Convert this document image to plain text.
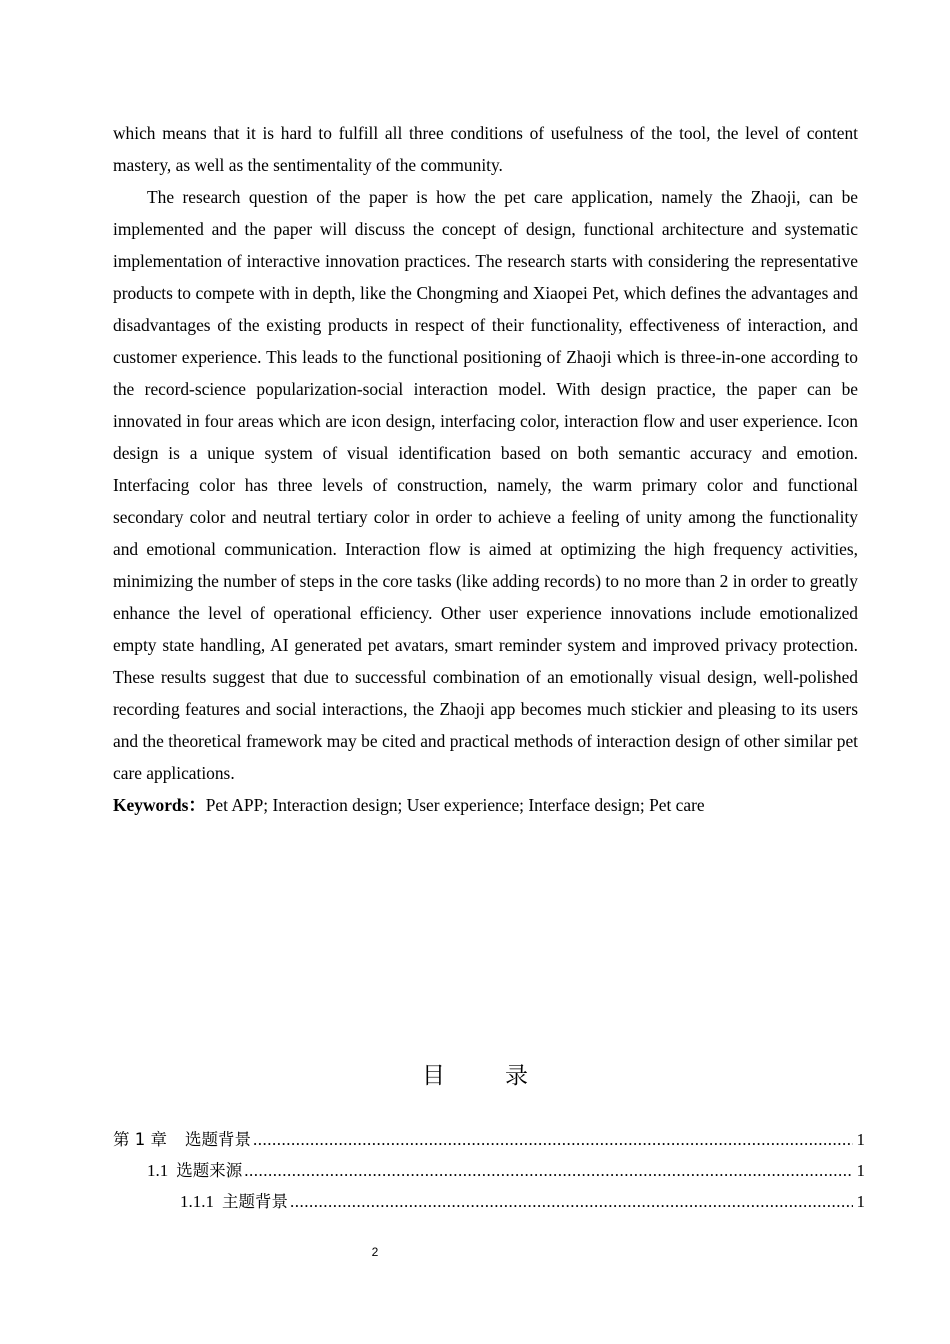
which means that it is hard to fulfill all three conditions of usefulness of the tool, the level of content mastery, as well as the sentimentality of the community.

The research question of the paper is how the pet care application, namely the Zhaoji, can be implemented and the paper will discuss the concept of design, functional architecture and systematic implementation of interactive innovation practices. The research starts with considering the representative products to compete with in depth, like the Chongming and Xiaopei Pet, which defines the advantages and disadvantages of the existing products in respect of their functionality, effectiveness of interaction, and customer experience. This leads to the functional positioning of Zhaoji which is three-in-one according to the record-science popularization-social interaction model. With design practice, the paper can be innovated in four areas which are icon design, interfacing color, interaction flow and user experience. Icon design is a unique system of visual identification based on both semantic accuracy and emotion. Interfacing color has three levels of construction, namely, the warm primary color and functional secondary color and neutral tertiary color in order to achieve a feeling of unity among the functionality and emotional communication. Interaction flow is aimed at optimizing the high frequency activities, minimizing the number of steps in the core tasks (like adding records) to no more than 2 in order to greatly enhance the level of operational efficiency. Other user experience innovations include emotionalized empty state handling, AI generated pet avatars, smart reminder system and improved privacy protection. These results suggest that due to successful combination of an emotionally visual design, well-polished recording features and social interactions, the Zhaoji app becomes much stickier and pleasing to its users and the theoretical framework may be cited and practical methods of interaction design of other similar pet care applications.

Keywords：Pet APP; Interaction design; User experience; Interface design; Pet care

目	录
第 1 章 选题背景 .....	1
1.1 选题来源 .....	1
1.1.1 主题背景 .....	1
2
